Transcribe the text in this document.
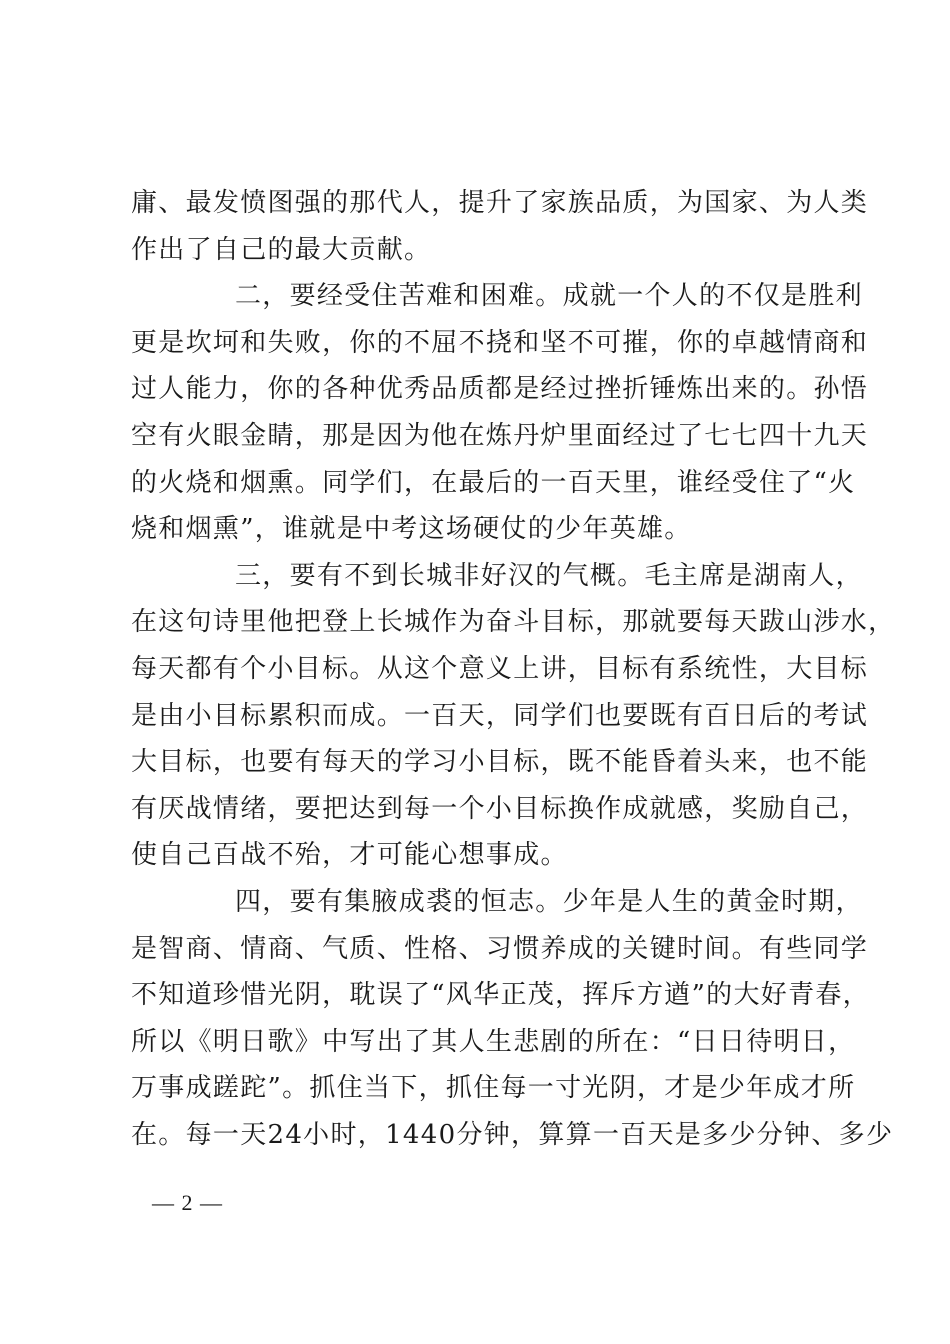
庸、最发愤图强的那代人，提升了家族品质，为国家、为人类
作出了自己的最大贡献。
二，要经受住苦难和困难。成就一个人的不仅是胜利
更是坎坷和失败，你的不屈不挠和坚不可摧，你的卓越情商和
过人能力，你的各种优秀品质都是经过挫折锤炼出来的。孙悟
空有火眼金睛，那是因为他在炼丹炉里面经过了七七四十九天
的火烧和烟熏。同学们，在最后的一百天里，谁经受住了“火
烧和烟熏”，谁就是中考这场硬仗的少年英雄。
三，要有不到长城非好汉的气概。毛主席是湖南人，
在这句诗里他把登上长城作为奋斗目标，那就要每天跋山涉水，
每天都有个小目标。从这个意义上讲，目标有系统性，大目标
是由小目标累积而成。一百天，同学们也要既有百日后的考试
大目标，也要有每天的学习小目标，既不能昏着头来，也不能
有厌战情绪，要把达到每一个小目标换作成就感，奖励自己，
使自己百战不殆，才可能心想事成。
四，要有集腋成裘的恒志。少年是人生的黄金时期，
是智商、情商、气质、性格、习惯养成的关键时间。有些同学
不知道珍惜光阴，耽误了“风华正茂，挥斥方遒”的大好青春，
所以《明日歌》中写出了其人生悲剧的所在：“日日待明日，
万事成蹉跎”。抓住当下，抓住每一寸光阴，才是少年成才所
在。每一天24小时，1440分钟，算算一百天是多少分钟、多少
— 2 —
